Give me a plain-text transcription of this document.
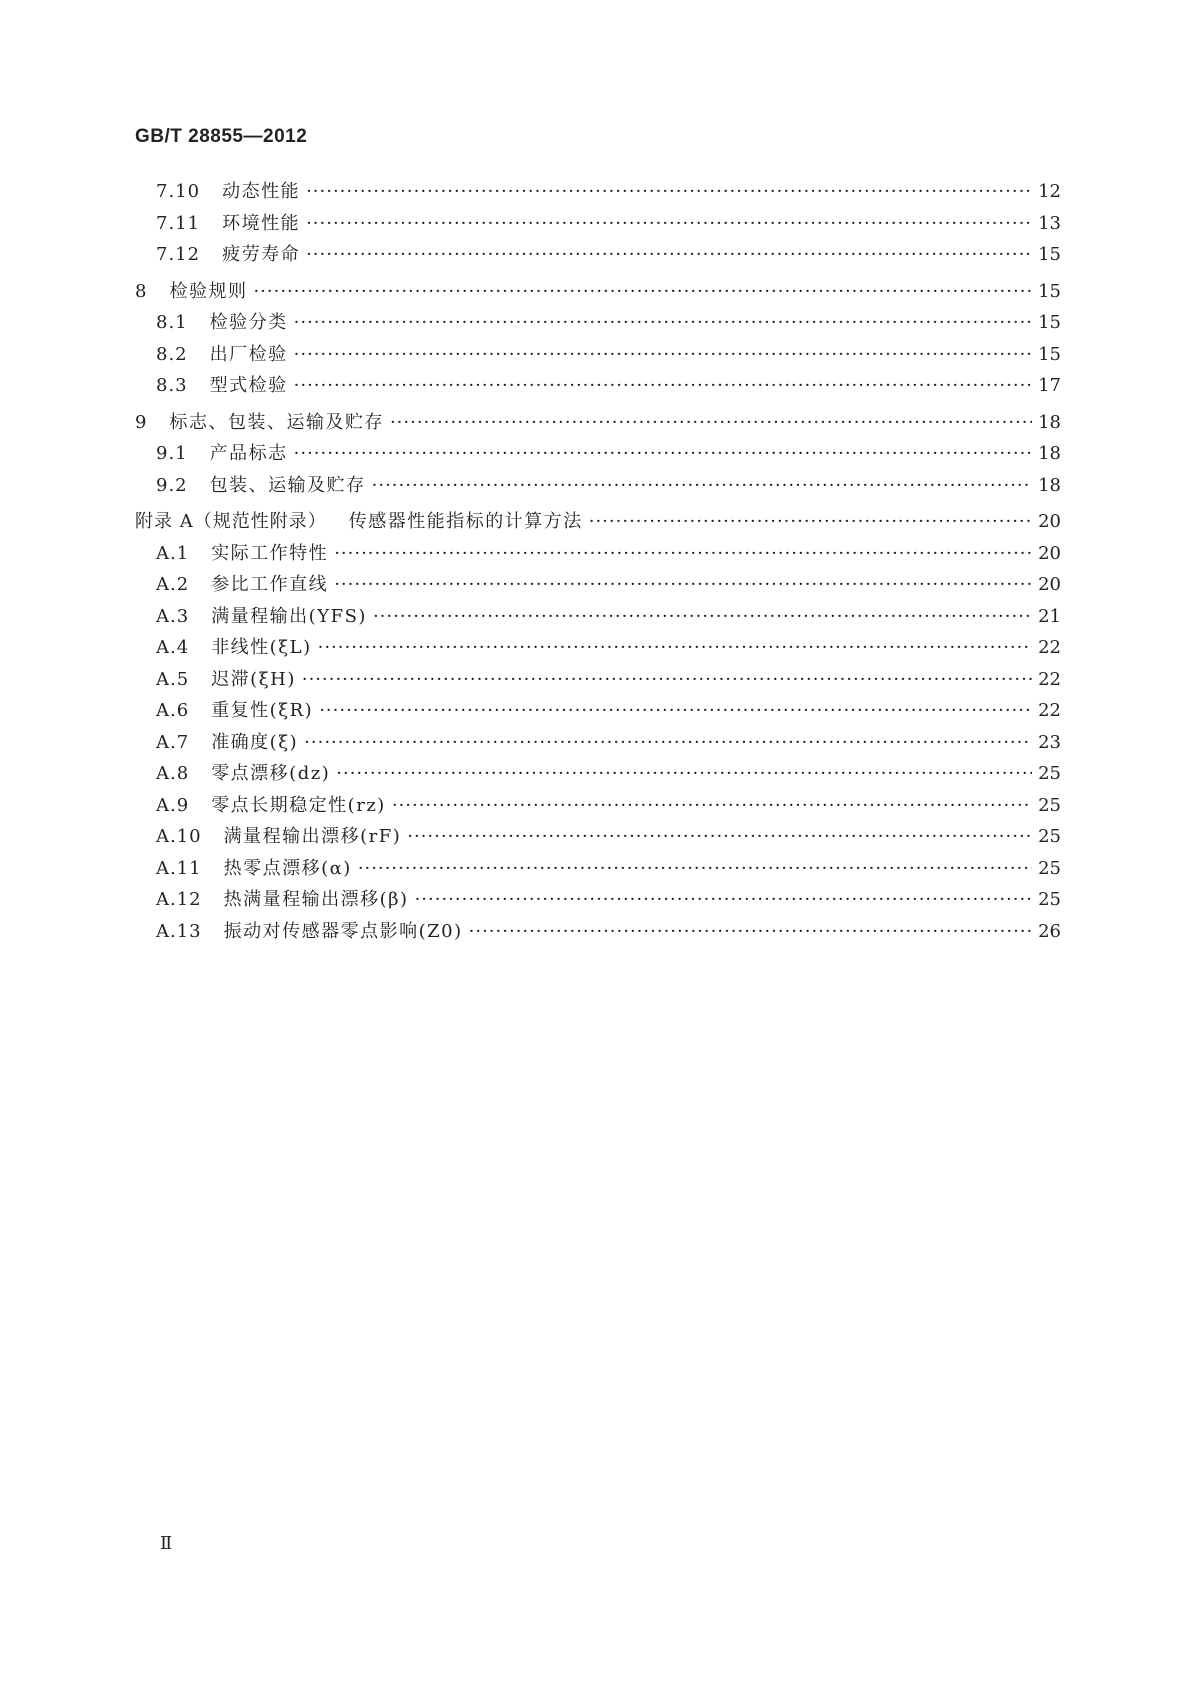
GB/T 28855—2012
7.10 动态性能 ·····	12
7.11 环境性能 ·····	13
7.12 疲劳寿命 ·····	15
8 检验规则 ·····	15
8.1 检验分类 ·····	15
8.2 出厂检验 ·····	15
8.3 型式检验 ·····	17
9 标志、包装、运输及贮存 ·····	18
9.1 产品标志 ·····	18
9.2 包装、运输及贮存 ·····	18
附录 A（规范性附录） 传感器性能指标的计算方法 ·····	20
A.1 实际工作特性 ·····	20
A.2 参比工作直线 ·····	20
A.3 满量程输出(YFS) ·····	21
A.4 非线性(ξL) ·····	22
A.5 迟滞(ξH) ·····	22
A.6 重复性(ξR) ·····	22
A.7 准确度(ξ) ·····	23
A.8 零点漂移(dz) ·····	25
A.9 零点长期稳定性(rz) ·····	25
A.10 满量程输出漂移(rF) ·····	25
A.11 热零点漂移(α) ·····	25
A.12 热满量程输出漂移(β) ·····	25
A.13 振动对传感器零点影响(Z0) ·····	26
Ⅱ
